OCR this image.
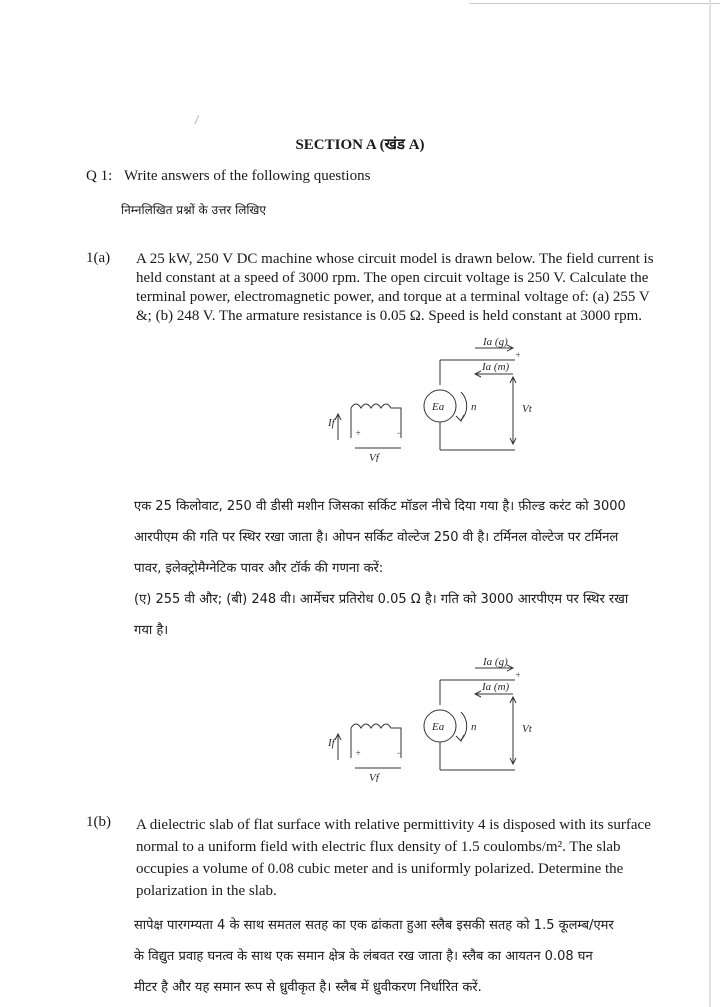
SECTION A (खंड A)
Q 1: Write answers of the following questions
निम्नलिखित प्रश्नों के उत्तर लिखिए
1(a) A 25 kW, 250 V DC machine whose circuit model is drawn below. The field current is
held constant at a speed of 3000 rpm. The open circuit voltage is 250 V. Calculate the
terminal power, electromagnetic power, and torque at a terminal voltage of: (a) 255 V
&; (b) 248 V. The armature resistance is 0.05 Ω. Speed is held constant at 3000 rpm.
Ia (g)
Ia (m)
Ea n	Vt
If
Vf
+
+	−
एक 25 किलोवाट, 250 वी डीसी मशीन जिसका सर्किट मॉडल नीचे दिया गया है। फ़ील्ड करंट को 3000
आरपीएम की गति पर स्थिर रखा जाता है। ओपन सर्किट वोल्टेज 250 वी है। टर्मिनल वोल्टेज पर टर्मिनल
पावर, इलेक्ट्रोमैग्नेटिक पावर और टॉर्क की गणना करें:
(ए) 255 वी और; (बी) 248 वी। आर्मेचर प्रतिरोध 0.05 Ω है। गति को 3000 आरपीएम पर स्थिर रखा
गया है।
Ia (g)
Ia (m)
Ea n	Vt
If
Vf
+
+	−
1(b) A dielectric slab of flat surface with relative permittivity 4 is disposed with its surface
normal to a uniform field with electric flux density of 1.5 coulombs/m². The slab
occupies a volume of 0.08 cubic meter and is uniformly polarized. Determine the
polarization in the slab.
सापेक्ष पारगम्यता 4 के साथ समतल सतह का एक ढांकता हुआ स्लैब इसकी सतह को 1.5 कूलम्ब/एमर
के विद्युत प्रवाह घनत्व के साथ एक समान क्षेत्र के लंबवत रख जाता है। स्लैब का आयतन 0.08 घन
मीटर है और यह समान रूप से ध्रुवीकृत है। स्लैब में ध्रुवीकरण निर्धारित करें.
